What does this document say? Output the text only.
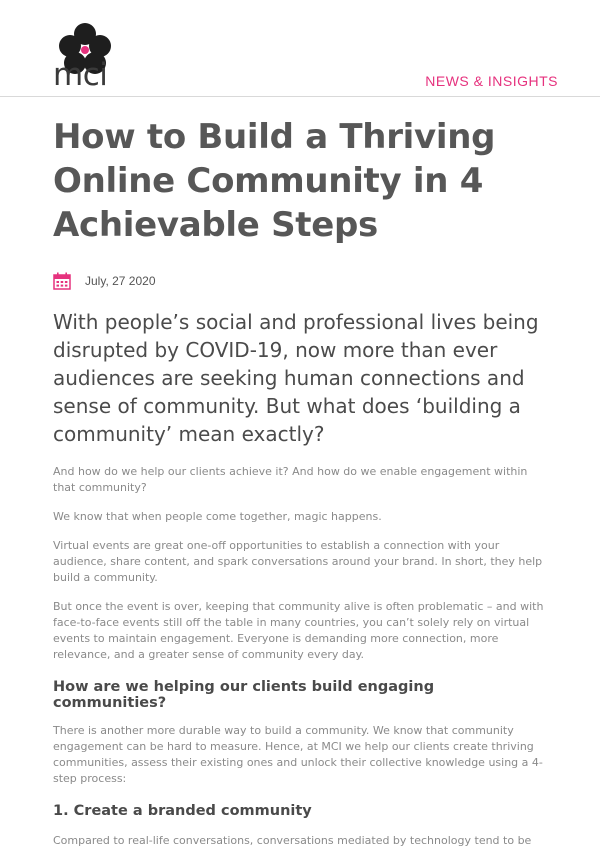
mci	NEWS & INSIGHTS
How to Build a Thriving Online Community in 4 Achievable Steps
July, 27 2020

With people’s social and professional lives being disrupted by COVID-19, now more than ever audiences are seeking human connections and sense of community. But what does ‘building a community’ mean exactly?

And how do we help our clients achieve it? And how do we enable engagement within that community?

We know that when people come together, magic happens.

Virtual events are great one-off opportunities to establish a connection with your audience, share content, and spark conversations around your brand. In short, they help build a community.

But once the event is over, keeping that community alive is often problematic – and with face-to-face events still off the table in many countries, you can’t solely rely on virtual events to maintain engagement. Everyone is demanding more connection, more relevance, and a greater sense of community every day.

How are we helping our clients build engaging communities?

There is another more durable way to build a community. We know that community engagement can be hard to measure. Hence, at MCI we help our clients create thriving communities, assess their existing ones and unlock their collective knowledge using a 4-step process:

1. Create a branded community

Compared to real-life conversations, conversations mediated by technology tend to be
